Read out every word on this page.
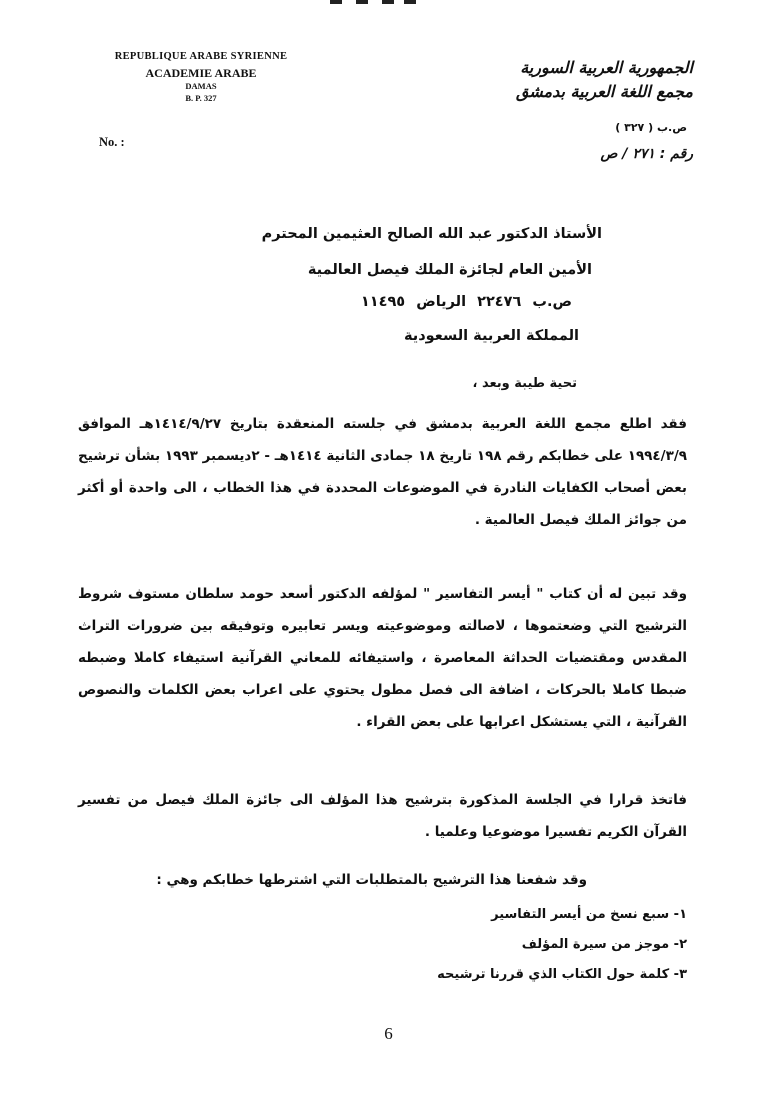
REPUBLIQUE ARABE SYRIENNE
ACADEMIE ARABE
DAMAS
B. P. 327
No. :
الجمهورية العربية السورية
مجمع اللغة العربية بدمشق
ص.ب ( ٣٢٧ )
رقم : ٢٧١ / ص
الأستاذ الدكتور عبد الله الصالح العثيمين المحترم
الأمين العام لجائزة الملك فيصل العالمية
ص.ب ٢٢٤٧٦ الرياض ١١٤٩٥
المملكة العربية السعودية
تحية طيبة وبعد ،
فقد اطلع مجمع اللغة العربية بدمشق في جلسته المنعقدة بتاريخ ١٤١٤/٩/٢٧هـ الموافق ١٩٩٤/٣/٩ على خطابكم رقم ١٩٨ تاريخ ١٨ جمادى الثانية ١٤١٤هـ - ٢ديسمبر ١٩٩٣ بشأن ترشيح بعض أصحاب الكفايات النادرة في الموضوعات المحددة في هذا الخطاب ، الى واحدة أو أكثر من جوائز الملك فيصل العالمية .
وقد تبين له أن كتاب " أيسر التفاسير " لمؤلفه الدكتور أسعد حومد سلطان مستوف شروط الترشيح التي وضعتموها ، لاصالته وموضوعيته ويسر تعابيره وتوفيقه بين ضرورات التراث المقدس ومقتضيات الحداثة المعاصرة ، واستيفائه للمعاني القرآنية استيفاء كاملا وضبطه ضبطا كاملا بالحركات ، اضافة الى فصل مطول يحتوي على اعراب بعض الكلمات والنصوص القرآنية ، التي يستشكل اعرابها على بعض القراء .
فاتخذ قرارا في الجلسة المذكورة بترشيح هذا المؤلف الى جائزة الملك فيصل من تفسير القرآن الكريم تفسيرا موضوعيا وعلميا .
وقد شفعنا هذا الترشيح بالمتطلبات التي اشترطها خطابكم وهي :
١- سبع نسخ من أيسر التفاسير
٢- موجز من سيرة المؤلف
٣- كلمة حول الكتاب الذي قررنا ترشيحه
6
